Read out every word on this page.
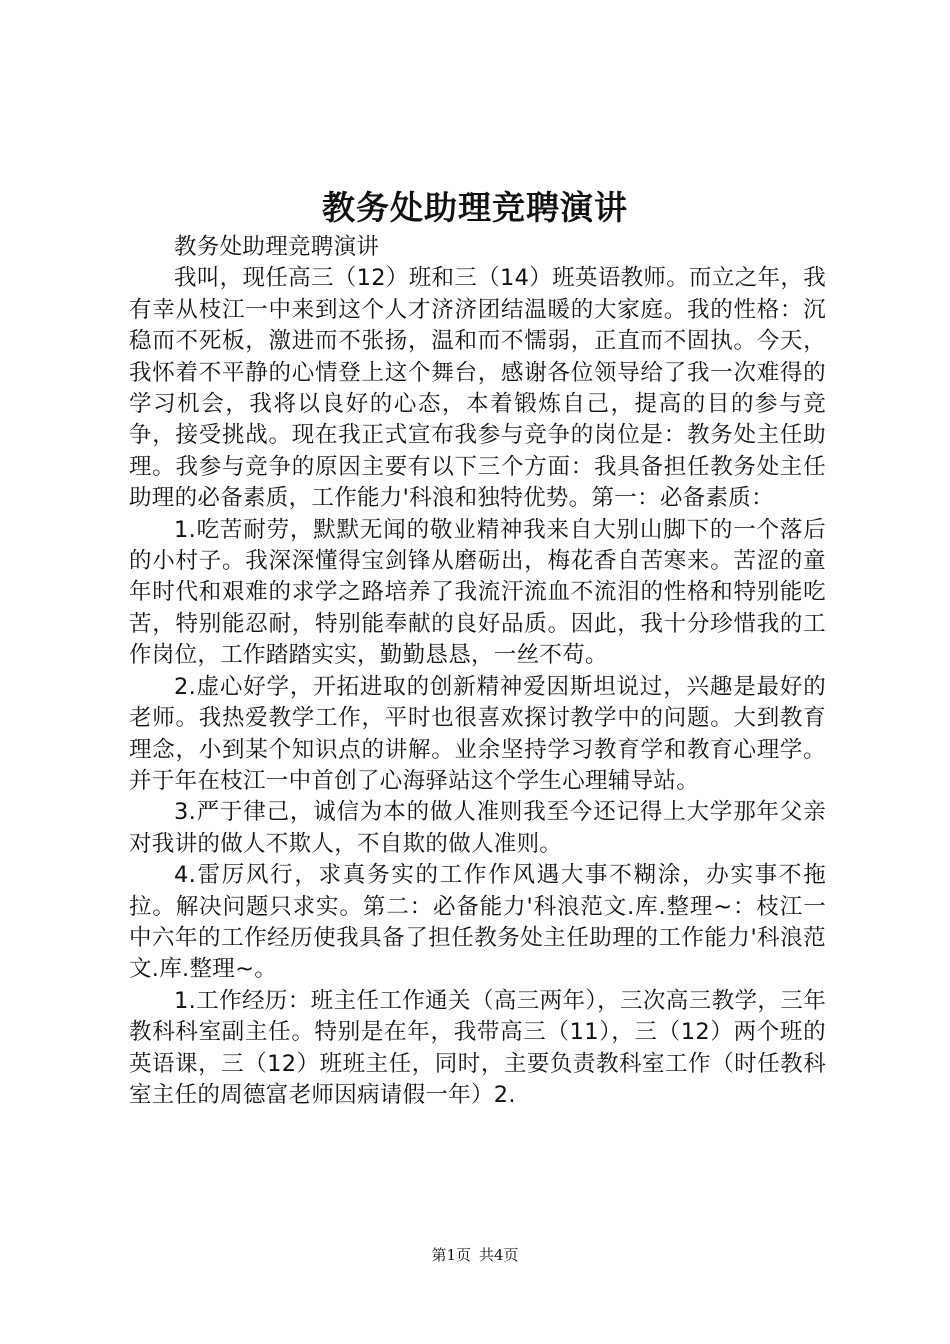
教务处助理竞聘演讲

教务处助理竞聘演讲

我叫，现任高三（12）班和三（14）班英语教师。而立之年，我有幸从枝江一中来到这个人才济济团结温暖的大家庭。我的性格：沉稳而不死板，激进而不张扬，温和而不懦弱，正直而不固执。今天，我怀着不平静的心情登上这个舞台，感谢各位领导给了我一次难得的学习机会，我将以良好的心态，本着锻炼自己，提高的目的参与竞争，接受挑战。现在我正式宣布我参与竞争的岗位是：教务处主任助理。我参与竞争的原因主要有以下三个方面：我具备担任教务处主任助理的必备素质，工作能力'科浪和独特优势。第一：必备素质：

1.吃苦耐劳，默默无闻的敬业精神我来自大别山脚下的一个落后的小村子。我深深懂得宝剑锋从磨砺出，梅花香自苦寒来。苦涩的童年时代和艰难的求学之路培养了我流汗流血不流泪的性格和特别能吃苦，特别能忍耐，特别能奉献的良好品质。因此，我十分珍惜我的工作岗位，工作踏踏实实，勤勤恳恳，一丝不苟。

2.虚心好学，开拓进取的创新精神爱因斯坦说过，兴趣是最好的老师。我热爱教学工作，平时也很喜欢探讨教学中的问题。大到教育理念，小到某个知识点的讲解。业余坚持学习教育学和教育心理学。并于年在枝江一中首创了心海驿站这个学生心理辅导站。

3.严于律己，诚信为本的做人准则我至今还记得上大学那年父亲对我讲的做人不欺人，不自欺的做人准则。

4.雷厉风行，求真务实的工作作风遇大事不糊涂，办实事不拖拉。解决问题只求实。第二：必备能力'科浪范文.库.整理~：枝江一中六年的工作经历使我具备了担任教务处主任助理的工作能力'科浪范文.库.整理~。

1.工作经历：班主任工作通关（高三两年），三次高三教学，三年教科科室副主任。特别是在年，我带高三（11），三（12）两个班的英语课，三（12）班班主任，同时，主要负责教科室工作（时任教科室主任的周德富老师因病请假一年）2.

第1页 共4页
